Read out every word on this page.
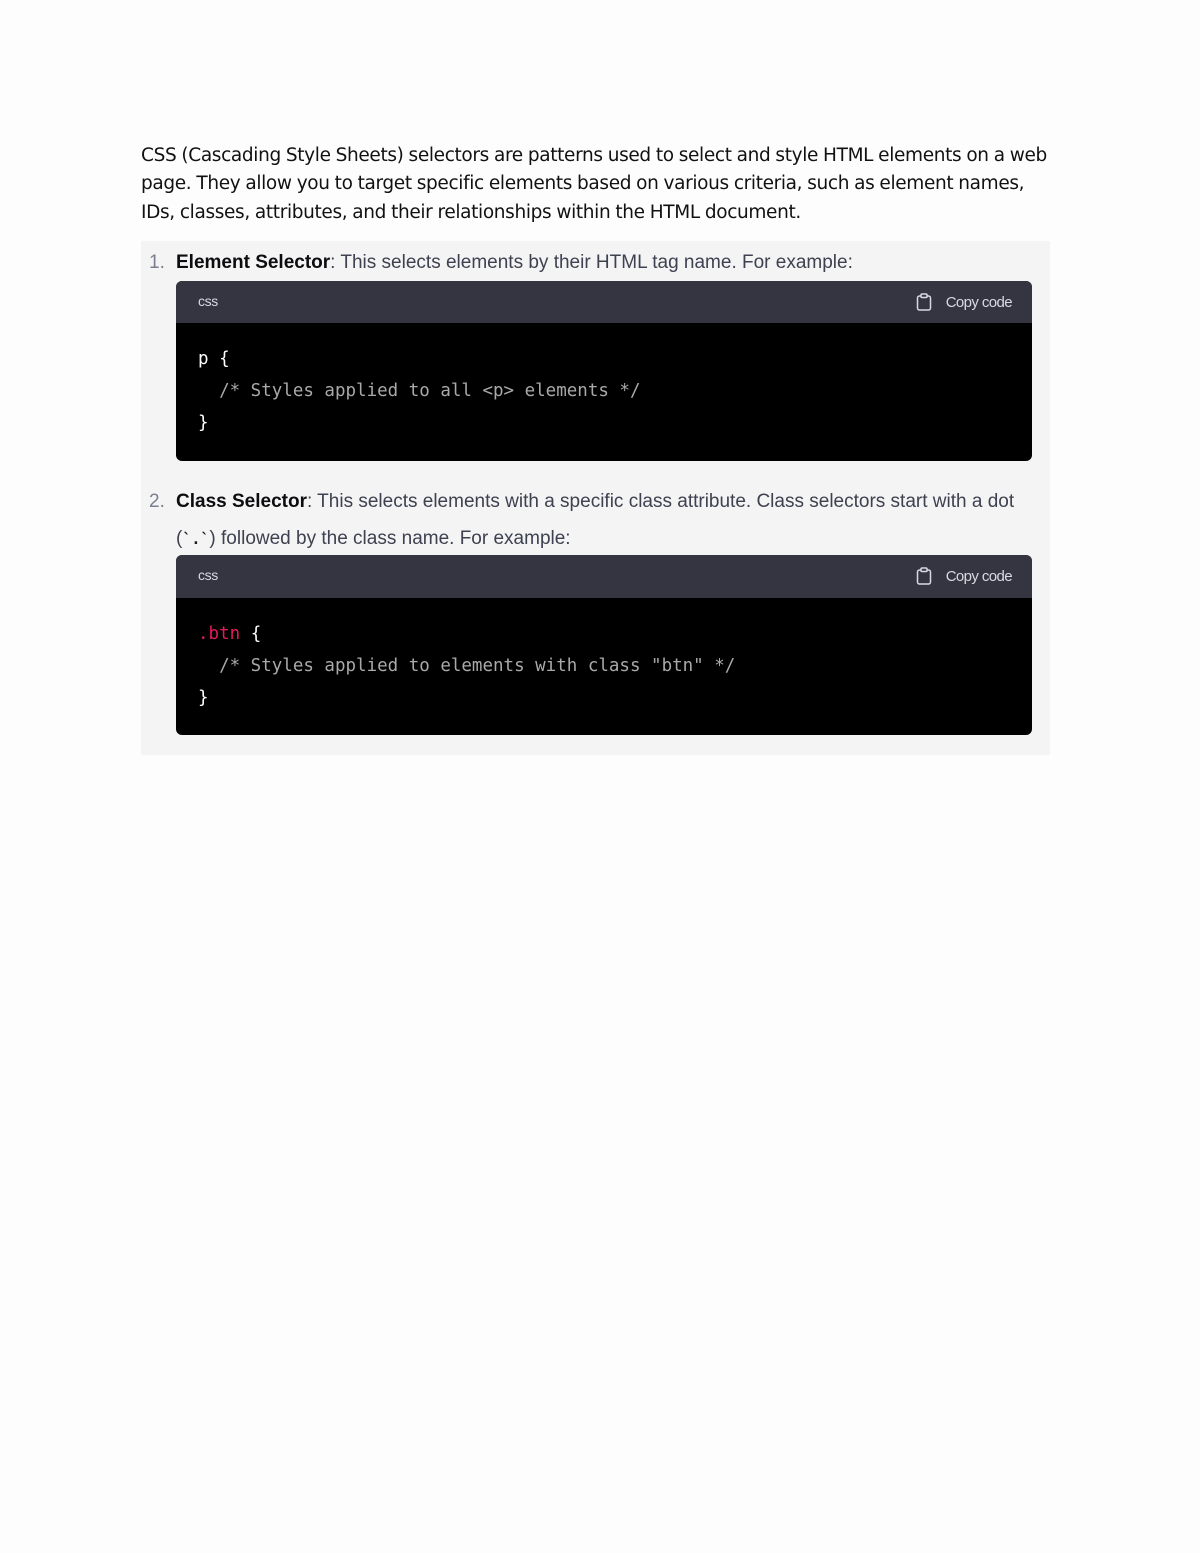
CSS (Cascading Style Sheets) selectors are patterns used to select and style HTML elements on a web page. They allow you to target specific elements based on various criteria, such as element names, IDs, classes, attributes, and their relationships within the HTML document.

1. Element Selector: This selects elements by their HTML tag name. For example:

css	Copy code
p {
/* Styles applied to all <p> elements */
}
2. Class Selector: This selects elements with a specific class attribute. Class selectors start with a dot (`.`) followed by the class name. For example:

css	Copy code
.btn {
/* Styles applied to elements with class "btn" */
}
